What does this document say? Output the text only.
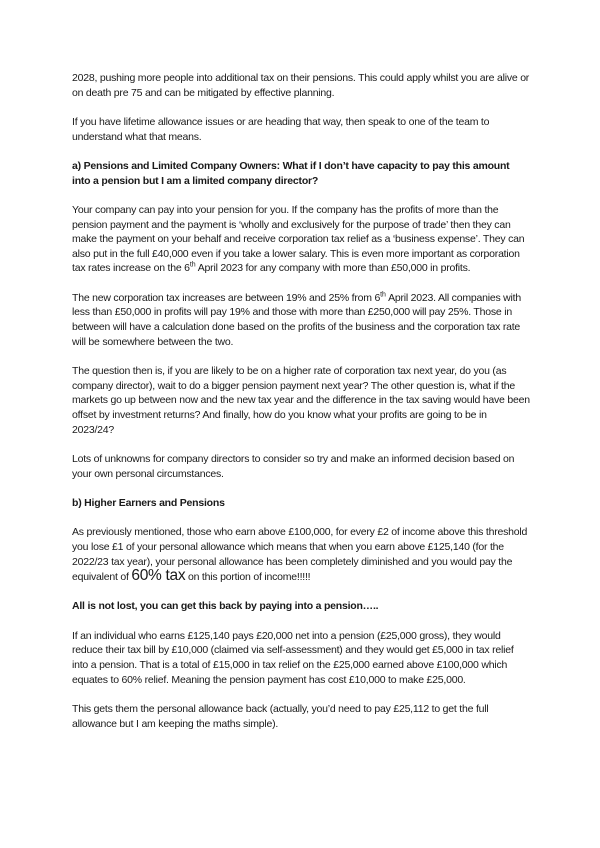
2028, pushing more people into additional tax on their pensions. This could apply whilst you are alive or on death pre 75 and can be mitigated by effective planning.

If you have lifetime allowance issues or are heading that way, then speak to one of the team to understand what that means.

a) Pensions and Limited Company Owners: What if I don’t have capacity to pay this amount into a pension but I am a limited company director?

Your company can pay into your pension for you. If the company has the profits of more than the pension payment and the payment is ‘wholly and exclusively for the purpose of trade’ then they can make the payment on your behalf and receive corporation tax relief as a ‘business expense’. They can also put in the full £40,000 even if you take a lower salary. This is even more important as corporation tax rates increase on the 6th April 2023 for any company with more than £50,000 in profits.

The new corporation tax increases are between 19% and 25% from 6th April 2023. All companies with less than £50,000 in profits will pay 19% and those with more than £250,000 will pay 25%. Those in between will have a calculation done based on the profits of the business and the corporation tax rate will be somewhere between the two.

The question then is, if you are likely to be on a higher rate of corporation tax next year, do you (as company director), wait to do a bigger pension payment next year? The other question is, what if the markets go up between now and the new tax year and the difference in the tax saving would have been offset by investment returns? And finally, how do you know what your profits are going to be in 2023/24?

Lots of unknowns for company directors to consider so try and make an informed decision based on your own personal circumstances.

b) Higher Earners and Pensions

As previously mentioned, those who earn above £100,000, for every £2 of income above this threshold you lose £1 of your personal allowance which means that when you earn above £125,140 (for the 2022/23 tax year), your personal allowance has been completely diminished and you would pay the equivalent of 60% tax on this portion of income!!!!!

All is not lost, you can get this back by paying into a pension…..

If an individual who earns £125,140 pays £20,000 net into a pension (£25,000 gross), they would reduce their tax bill by £10,000 (claimed via self-assessment) and they would get £5,000 in tax relief into a pension. That is a total of £15,000 in tax relief on the £25,000 earned above £100,000 which equates to 60% relief. Meaning the pension payment has cost £10,000 to make £25,000.

This gets them the personal allowance back (actually, you’d need to pay £25,112 to get the full allowance but I am keeping the maths simple).
